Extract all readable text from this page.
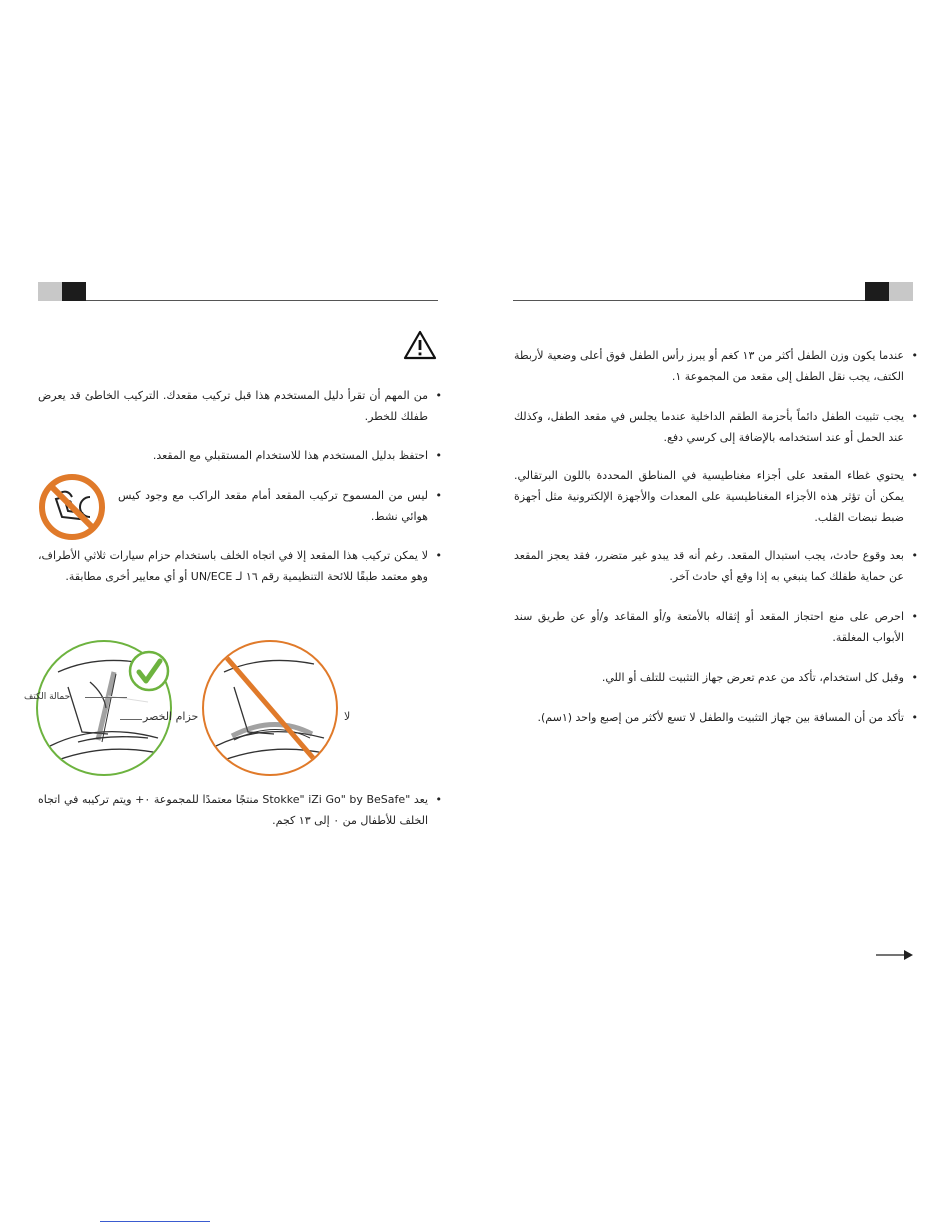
•
من المهم أن تقرأ دليل المستخدم هذا قبل تركيب مقعدك. التركيب الخاطئ قد يعرض طفلك للخطر.
•
احتفظ بدليل المستخدم هذا للاستخدام المستقبلي مع المقعد.
•
ليس من المسموح تركيب المقعد أمام مقعد الراكب مع وجود كيس هوائي نشط.
•
لا يمكن تركيب هذا المقعد إلا في اتجاه الخلف باستخدام حزام سيارات ثلاثي الأطراف، وهو معتمد طبقًا للائحة التنظيمية رقم ١٦ لـ UN/ECE أو أي معايير أخرى مطابقة.
حمالة الكتف
حزام الخصر	لا
•
يعد "Stokke" iZi Go" by BeSafe منتجًا معتمدًا للمجموعة ٠+ ويتم تركيبه في اتجاه الخلف للأطفال من ٠ إلى ١٣ كجم.
•
عندما يكون وزن الطفل أكثر من ١٣ كغم أو يبرز رأس الطفل فوق أعلى وضعية لأربطة الكتف، يجب نقل الطفل إلى مقعد من المجموعة ١.
•
يجب تثبيت الطفل دائماً بأحزمة الطقم الداخلية عندما يجلس في مقعد الطفل، وكذلك عند الحمل أو عند استخدامه بالإضافة إلى كرسي دفع.
•
يحتوي غطاء المقعد على أجزاء مغناطيسية في المناطق المحددة باللون البرتقالي. يمكن أن تؤثر هذه الأجزاء المغناطيسية على المعدات والأجهزة الإلكترونية مثل أجهزة ضبط نبضات القلب.
•
بعد وقوع حادث، يجب استبدال المقعد. رغم أنه قد يبدو غير متضرر، فقد يعجز المقعد عن حماية طفلك كما ينبغي به إذا وقع أي حادث آخر.
•
احرص على منع احتجاز المقعد أو إثقاله بالأمتعة و/أو المقاعد و/أو عن طريق سند الأبواب المغلقة.
•
وقبل كل استخدام، تأكد من عدم تعرض جهاز التثبيت للتلف أو اللي.
•
تأكد من أن المسافة بين جهاز التثبيت والطفل لا تسع لأكثر من إصبع واحد (١سم).
